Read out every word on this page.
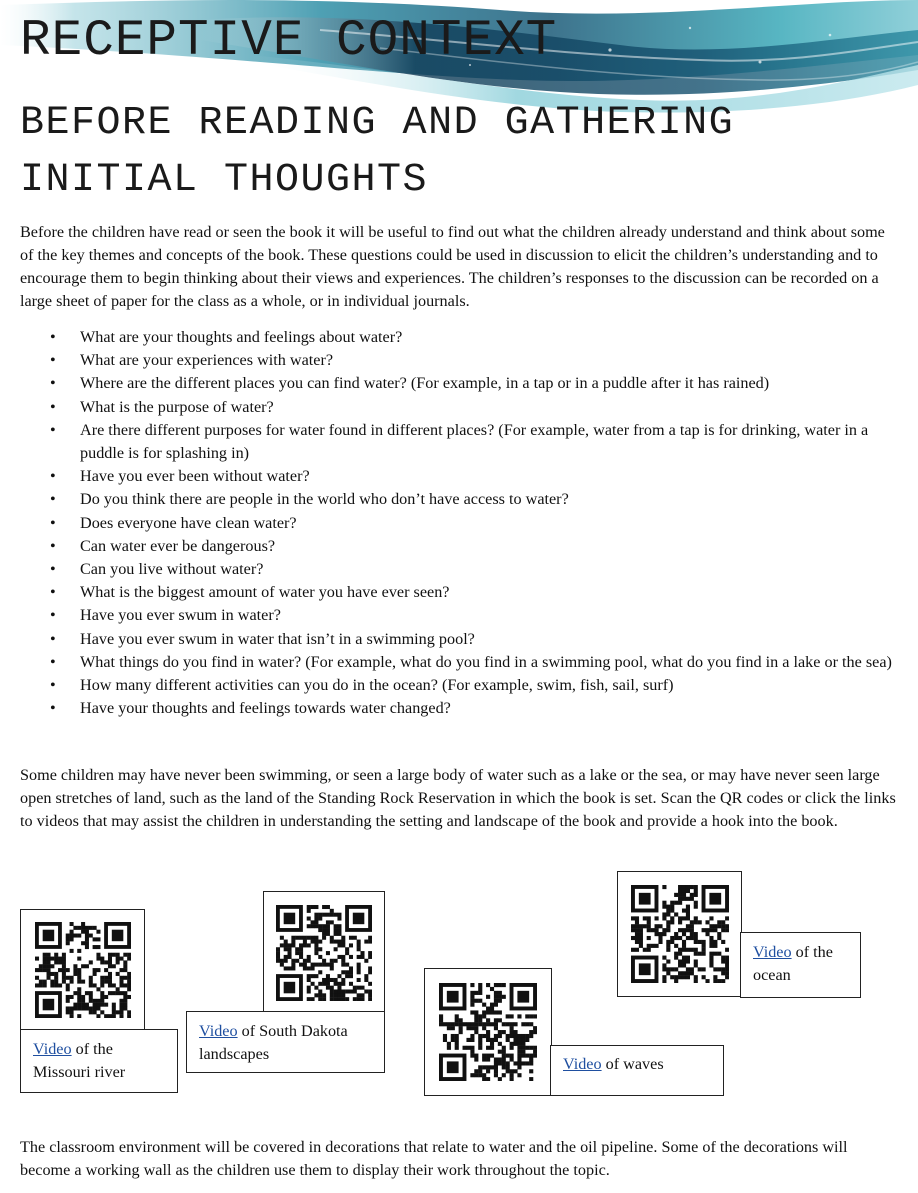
RECEPTIVE CONTEXT
BEFORE READING AND GATHERING
INITIAL THOUGHTS

Before the children have read or seen the book it will be useful to find out what the children already understand and think about some of the key themes and concepts of the book. These questions could be used in discussion to elicit the children’s understanding and to encourage them to begin thinking about their views and experiences. The children’s responses to the discussion can be recorded on a large sheet of paper for the class as a whole, or in individual journals.

• What are your thoughts and feelings about water?
• What are your experiences with water?
• Where are the different places you can find water? (For example, in a tap or in a puddle after it has rained)
• What is the purpose of water?
• Are there different purposes for water found in different places? (For example, water from a tap is for drinking, water in a puddle is for splashing in)
• Have you ever been without water?
• Do you think there are people in the world who don’t have access to water?
• Does everyone have clean water?
• Can water ever be dangerous?
• Can you live without water?
• What is the biggest amount of water you have ever seen?
• Have you ever swum in water?
• Have you ever swum in water that isn’t in a swimming pool?
• What things do you find in water? (For example, what do you find in a swimming pool, what do you find in a lake or the sea)
• How many different activities can you do in the ocean? (For example, swim, fish, sail, surf)
• Have your thoughts and feelings towards water changed?

Some children may have never been swimming, or seen a large body of water such as a lake or the sea, or may have never seen large open stretches of land, such as the land of the Standing Rock Reservation in which the book is set. Scan the QR codes or click the links to videos that may assist the children in understanding the setting and landscape of the book and provide a hook into the book.

Video of the
Missouri river
Video of South Dakota
landscapes
Video of waves
Video of the
ocean

The classroom environment will be covered in decorations that relate to water and the oil pipeline. Some of the decorations will become a working wall as the children use them to display their work throughout the topic.
